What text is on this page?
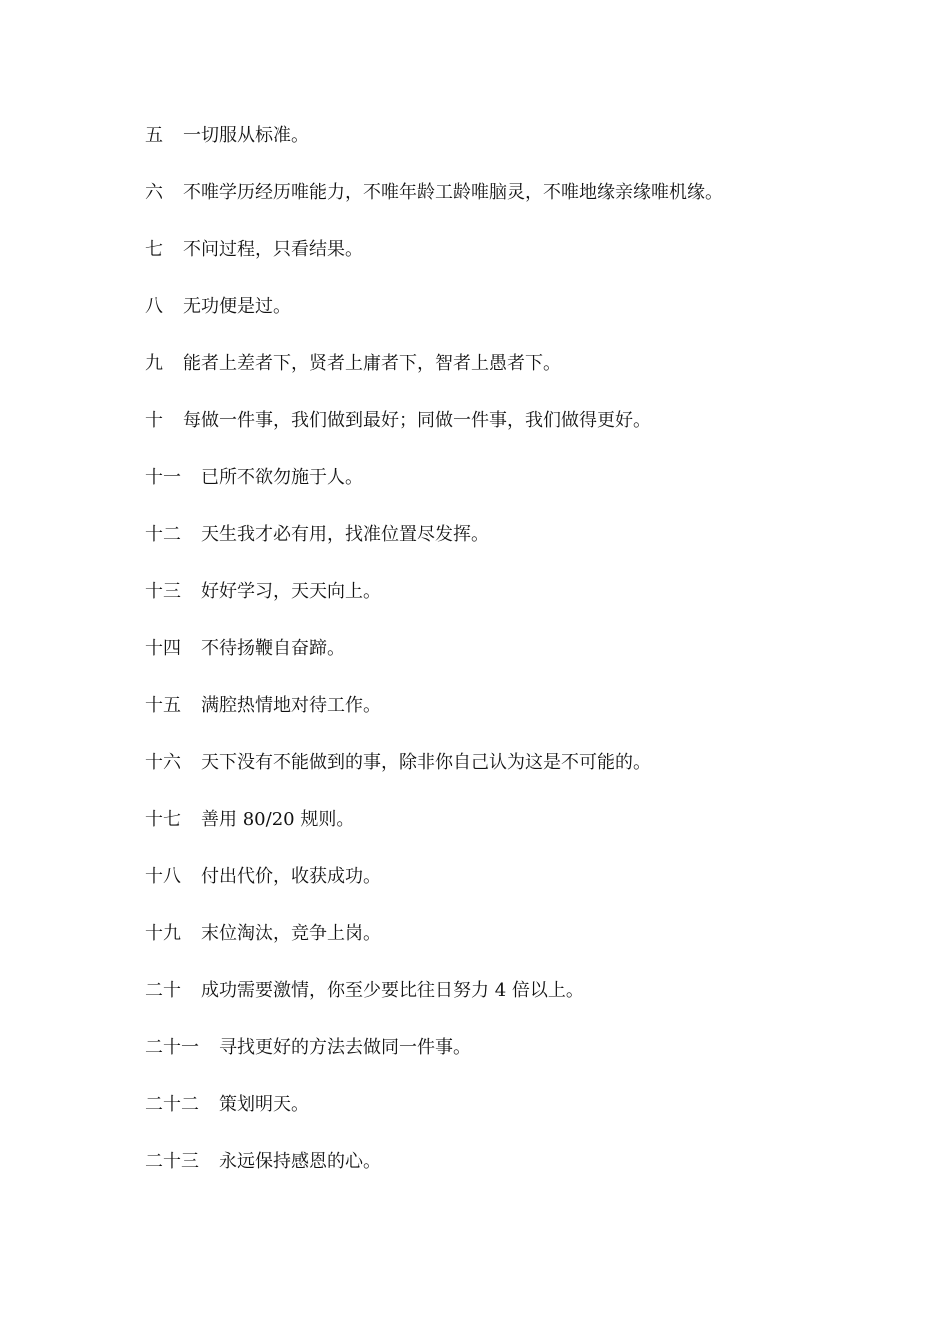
五 一切服从标准。
六 不唯学历经历唯能力，不唯年龄工龄唯脑灵，不唯地缘亲缘唯机缘。
七 不问过程，只看结果。
八 无功便是过。
九 能者上差者下，贤者上庸者下，智者上愚者下。
十 每做一件事，我们做到最好；同做一件事，我们做得更好。
十一 已所不欲勿施于人。
十二 天生我才必有用，找准位置尽发挥。
十三 好好学习，天天向上。
十四 不待扬鞭自奋蹄。
十五 满腔热情地对待工作。
十六 天下没有不能做到的事，除非你自己认为这是不可能的。
十七 善用 80/20 规则。
十八 付出代价，收获成功。
十九 末位淘汰，竞争上岗。
二十 成功需要激情，你至少要比往日努力 4 倍以上。
二十一 寻找更好的方法去做同一件事。
二十二 策划明天。
二十三 永远保持感恩的心。
